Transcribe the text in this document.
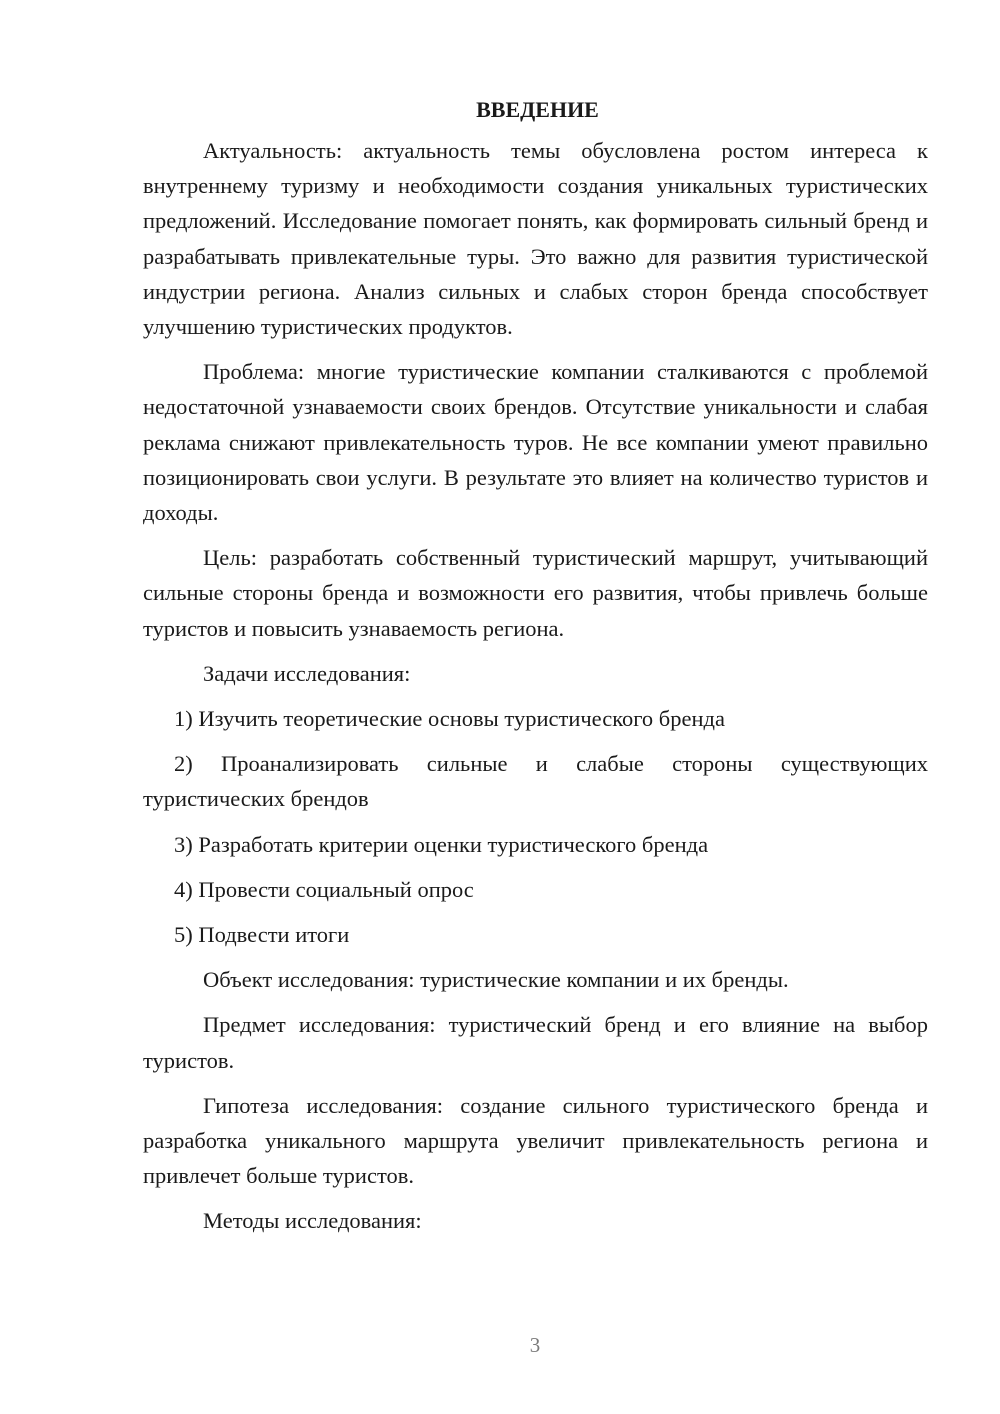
ВВЕДЕНИЕ

Актуальность: актуальность темы обусловлена ростом интереса к внутреннему туризму и необходимости создания уникальных туристических предложений. Исследование помогает понять, как формировать сильный бренд и разрабатывать привлекательные туры. Это важно для развития туристической индустрии региона. Анализ сильных и слабых сторон бренда способствует улучшению туристических продуктов.

Проблема: многие туристические компании сталкиваются с проблемой недостаточной узнаваемости своих брендов. Отсутствие уникальности и слабая реклама снижают привлекательность туров. Не все компании умеют правильно позиционировать свои услуги. В результате это влияет на количество туристов и доходы.

Цель: разработать собственный туристический маршрут, учитывающий сильные стороны бренда и возможности его развития, чтобы привлечь больше туристов и повысить узнаваемость региона.

Задачи исследования:

1) Изучить теоретические основы туристического бренда

2) Проанализировать сильные и слабые стороны существующих туристических брендов

3) Разработать критерии оценки туристического бренда

4) Провести социальный опрос

5) Подвести итоги

Объект исследования: туристические компании и их бренды.

Предмет исследования: туристический бренд и его влияние на выбор туристов.

Гипотеза исследования: создание сильного туристического бренда и разработка уникального маршрута увеличит привлекательность региона и привлечет больше туристов.

Методы исследования:

3
